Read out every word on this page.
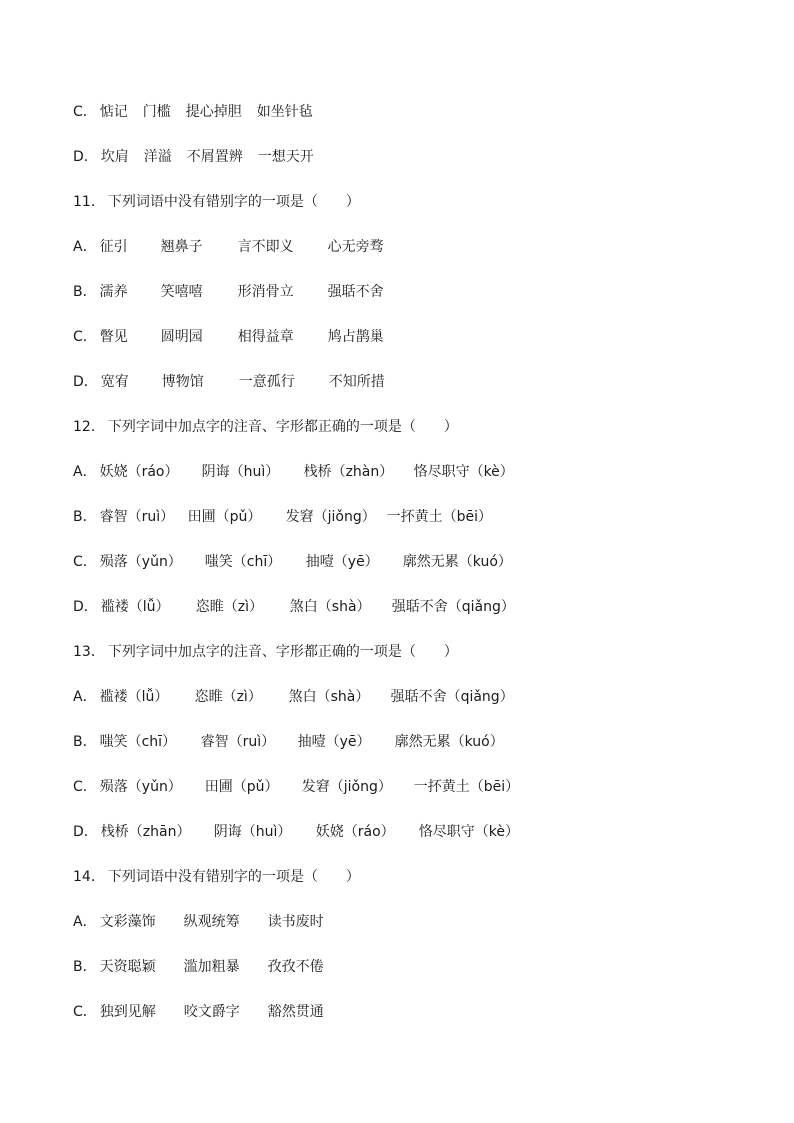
C． 惦记 门槛 提心掉胆 如坐针毡
D． 坎肩 洋溢 不屑置辨 一想天开
11． 下列词语中没有错别字的一项是（　　）
A． 征引	翘鼻子	言不即义	心无旁骛
B． 濡养	笑嘻嘻	形消骨立	强聒不舍
C． 瞥见	圆明园	相得益章	鸠占鹊巢
D． 宽宥	博物馆	一意孤行	不知所措
12． 下列字词中加点字的注音、字形都正确的一项是（　　）
A． 妖娆（ráo）	阴诲（huì）	栈桥（zhàn）	恪尽职守（kè）
B． 睿智（ruì） 田圃（pǔ）	发窘（jiǒng） 一抔黄土（bēi）
C． 殒落（yǔn）	嗤笑（chī）	抽噎（yē）	廓然无累（kuó）
D． 褴褛（lǚ）	恣睢（zì）	煞白（shà）	强聒不舍（qiǎng）
13． 下列字词中加点字的注音、字形都正确的一项是（　　）
A． 褴褛（lǚ）	恣睢（zì）	煞白（shà）	强聒不舍（qiǎng）
B． 嗤笑（chī）	睿智（ruì）	抽噎（yē）	廓然无累（kuó）
C． 殒落（yǔn）	田圃（pǔ）	发窘（jiǒng）	一抔黄土（bēi）
D． 栈桥（zhān）	阴诲（huì）	妖娆（ráo）	恪尽职守（kè）
14． 下列词语中没有错别字的一项是（　　）
A． 文彩藻饰	纵观统筹	读书废时
B． 天资聪颖	滥加粗暴	孜孜不倦
C． 独到见解	咬文爵字	豁然贯通
